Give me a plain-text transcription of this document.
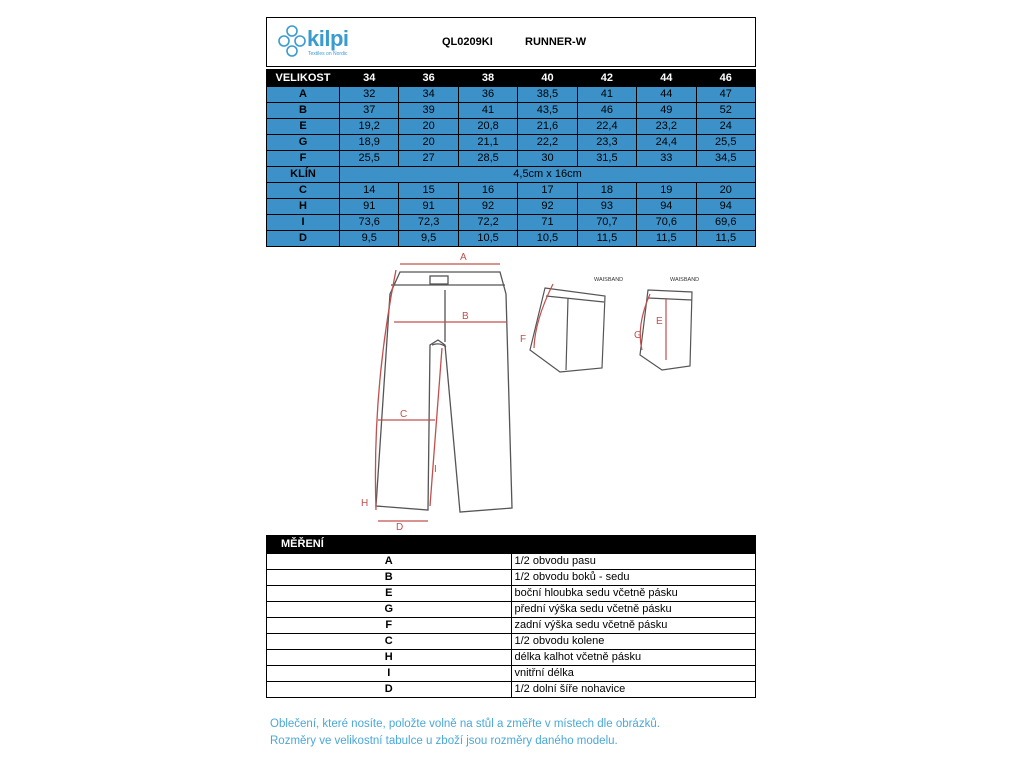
kilpi
Textiles on Nordic
QL0209KI	RUNNER-W
VELIKOST	34	36	38	40	42	44	46
A	32	34	36	38,5	41	44	47
B	37	39	41	43,5	46	49	52
E	19,2	20	20,8	21,6	22,4	23,2	24
G	18,9	20	21,1	22,2	23,3	24,4	25,5
F	25,5	27	28,5	30	31,5	33	34,5
KLÍN	4,5cm x 16cm						
C	14	15	16	17	18	19	20
H	91	91	92	92	93	94	94
I	73,6	72,3	72,2	71	70,7	70,6	69,6
D	9,5	9,5	10,5	10,5	11,5	11,5	11,5
A
B
C
D
H
I
WAISBAND
F
WAISBAND
G
E
MĚŘENÍ	
A	1/2 obvodu pasu
B	1/2 obvodu boků - sedu
E	boční hloubka sedu včetně pásku
G	přední výška sedu včetně pásku
F	zadní výška sedu včetně pásku
C	1/2 obvodu kolene
H	délka kalhot včetně pásku
I	vnitřní délka
D	1/2 dolní šíře nohavice
Oblečení, které nosíte, položte volně na stůl a změřte v místech dle obrázků.
Rozměry ve velikostní tabulce u zboží jsou rozměry daného modelu.
